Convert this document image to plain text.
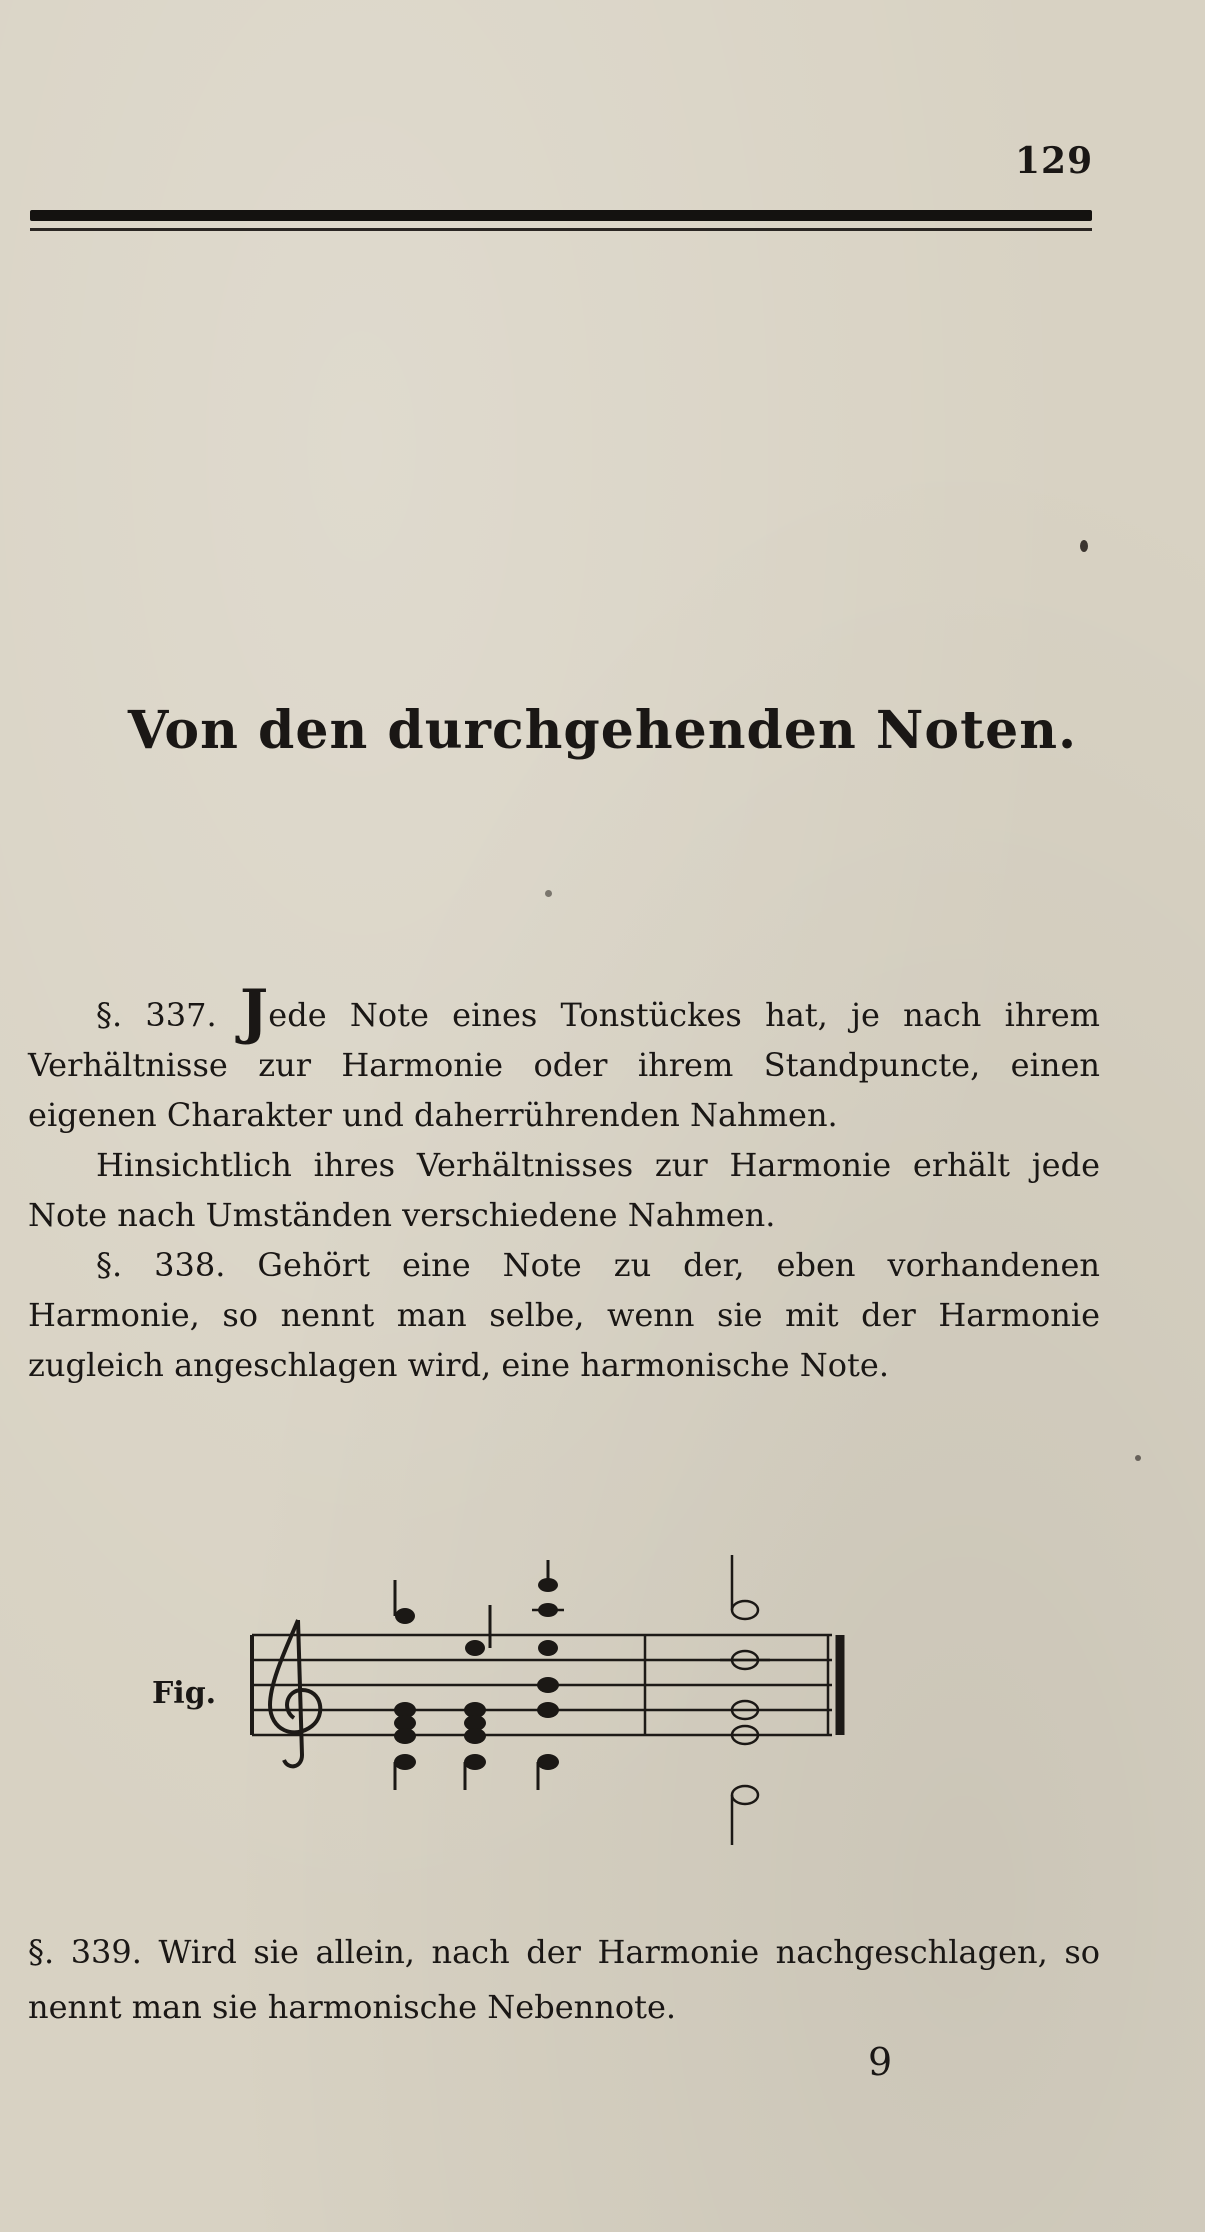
129
Von den durchgehenden Noten.

§. 337. Jede Note eines Tonstückes hat, je nach ihrem Verhältnisse zur Harmonie oder ihrem Standpuncte, einen eigenen Charakter und daherrührenden Nahmen.

Hinsichtlich ihres Verhältnisses zur Harmonie erhält jede Note nach Umständen verschiedene Nahmen.

§. 338. Gehört eine Note zu der, eben vorhandenen Harmonie, so nennt man selbe, wenn sie mit der Harmonie zugleich angeschlagen wird, eine harmonische Note.

Fig.
§. 339. Wird sie allein, nach der Harmonie nachgeschlagen, so nennt man sie harmonische Nebennote.
9
